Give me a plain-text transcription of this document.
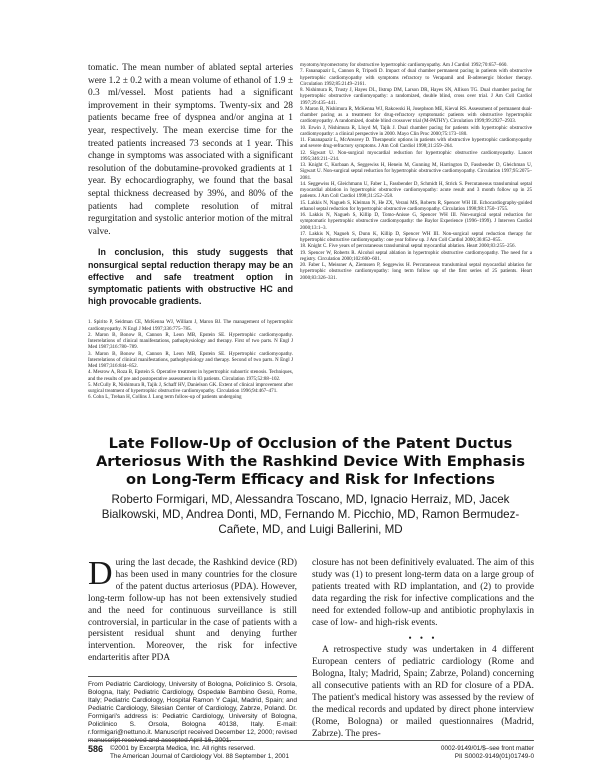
tomatic. The mean number of ablated septal arteries were 1.2 ± 0.2 with a mean volume of ethanol of 1.9 ± 0.3 ml/vessel. Most patients had a significant improvement in their symptoms. Twenty-six and 28 patients became free of dyspnea and/or angina at 1 year, respectively. The mean exercise time for the treated patients increased 73 seconds at 1 year. This change in symptoms was associated with a significant resolution of the dobutamine-provoked gradients at 1 year. By echocardiography, we found that the basal septal thickness decreased by 39%, and 80% of the patients had complete resolution of mitral regurgitation and systolic anterior motion of the mitral valve.

In conclusion, this study suggests that nonsurgical septal reduction therapy may be an effective and safe treatment option in symptomatic patients with obstructive HC and high provocable gradients.

1. Spirito P, Seidman CE, McKenna WJ, William J, Maron BJ. The management of hypertrophic cardiomyopathy. N Engl J Med 1997;336:775–785.
2. Maron B, Bonow R, Cannon R, Leon MB, Epstein SE. Hypertrophic cardiomyopathy. Interrelations of clinical manifestations, pathophysiology and therapy. First of two parts. N Engl J Med 1987;316:780–789.
3. Maron B, Bonow R, Cannon R, Leon MB, Epstein SE. Hypertrophic cardiomyopathy. Interrelations of clinical manifestations, pathophysiology and therapy. Second of two parts. N Engl J Med 1987;316:844–852.
4. Mesrow A, Roza B, Epstein S. Operative treatment in hypertrophic subaortic stenosis. Techniques, and the results of pre and postoperative assessment in 83 patients. Circulation 1975;52:88–102.
5. McCully R, Nishimura R, Tajik J, Schaff HV, Danielson GK. Extent of clinical improvement after surgical treatment of hypertrophic obstructive cardiomyopathy. Circulation 1996;94:467–471.
6. Cohn L, Trehan H, Collins J. Long term follow-up of patients undergoing
myotomy/myomectomy for obstructive hypertrophic cardiomyopathy. Am J Cardiol 1992;70:657–660.
7. Fananapazir L, Cannon R, Tripodi D. Impact of dual chamber permanent pacing in patients with obstructive hypertrophic cardiomyopathy with symptoms refractory to Verapamil and B-adrenergic blocker therapy. Circulation 1992;85:2149–2161.
8. Nishimura R, Trusty J, Hayes DL, Ilstrup DM, Larson DR, Hayes SN, Allison TG. Dual chamber pacing for hypertrophic obstructive cardiomyopathy: a randomized, double blind, cross over trial. J Am Coll Cardiol 1997;29:435–441.
9. Maron B, Nishimura R, McKenna WJ, Rakowski H, Josephson ME, Kieval RS. Assessment of permanent dual-chamber pacing as a treatment for drug-refractory symptomatic patients with obstructive hypertrophic cardiomyopathy. A randomized, double blind crossover trial (M-PATHY). Circulation 1999;99:2927–2933.
10. Erwin J, Nishimura R, Lloyd M, Tajik J. Dual chamber pacing for patients with hypertrophic obstructive cardiomyopathy: a clinical perspective in 2000. Mayo Clin Proc 2000;75:173–180.
11. Fananapazir L, McAreavey D. Therapeutic options in patients with obstructive hypertrophic cardiomyopathy and severe drug-refractory symptoms. J Am Coll Cardiol 1998;31:259–264.
12. Sigwart U. Non-surgical myocardial reduction for hypertrophic obstructive cardiomyopathy. Lancet 1995;346:211–214.
13. Knight C, Kurbaan A, Seggewiss H, Henein M, Gunning M, Harrington D, Fassbender D, Gleichman U, Sigwart U. Non-surgical septal reduction for hypertrophic obstructive cardiomyopathy. Circulation 1997;95:2075–2081.
14. Seggewiss H, Gleichmann U, Faber L, Fassbender D, Schmidt H, Strick S. Percutaneous transluminal septal myocardial ablation in hypertrophic obstructive cardiomyopathy: acute result and 3 month follow up in 25 patients. J Am Coll Cardiol 1998;31:252–258.
15. Lakkis N, Nagueh S, Kleiman N, He ZX, Verani MS, Roberts R, Spencer WH III. Echocardiography-guided ethanol septal reduction for hypertrophic obstructive cardiomyopathy. Circulation 1998;98:1750–1755.
16. Lakkis N, Nagueh S, Killip D, Tomo-Anisse G, Spencer WH III. Non-surgical septal reduction for symptomatic hypertrophic obstructive cardiomyopathy: the Baylor Experience (1996–1999). J Interven Cardiol 2000;13:1–3.
17. Lakkis N, Nagueh S, Dunn K, Killip D, Spencer WH III. Non-surgical septal reduction therapy for hypertrophic obstructive cardiomyopathy: one year follow up. J Am Coll Cardiol 2000;36:852–855.
18. Knight C. Five years of percutaneous transluminal septal myocardial ablation. Heart 2000;83:255–256.
19. Spencer W, Roberts R. Alcohol septal ablation in hypertrophic obstructive cardiomyopathy. The need for a registry. Circulation 2000;102:600–601.
20. Faber L, Meissner A, Ziemssen P, Seggewiss H. Percutaneous transluminal septal myocardial ablation for hypertrophic obstructive cardiomyopathy: long term follow up of the first series of 25 patients. Heart 2000;83:326–331.
Late Follow-Up of Occlusion of the Patent Ductus Arteriosus With the Rashkind Device With Emphasis on Long-Term Efficacy and Risk for Infections

Roberto Formigari, MD, Alessandra Toscano, MD, Ignacio Herraiz, MD, Jacek Bialkowski, MD, Andrea Donti, MD, Fernando M. Picchio, MD, Ramon Bermudez-Cañete, MD, and Luigi Ballerini, MD

During the last decade, the Rashkind device (RD) has been used in many countries for the closure of the patent ductus arteriosus (PDA). However, long-term follow-up has not been extensively studied and the need for continuous surveillance is still controversial, in particular in the case of patients with a persistent residual shunt and denying further intervention. Moreover, the risk for infective endarteritis after PDA

From Pediatric Cardiology, University of Bologna, Policlinico S. Orsola, Bologna, Italy; Pediatric Cardiology, Ospedale Bambino Gesù, Rome, Italy; Pediatric Cardiology, Hospital Ramon Y Cajal, Madrid, Spain; and Pediatric Cardiology, Silesian Center of Cardiology, Zabrze, Poland. Dr. Formigari's address is: Pediatric Cardiology, University of Bologna, Policlinico S. Orsola, Bologna 40138, Italy. E-mail: r.formigari@nettuno.it. Manuscript received December 12, 2000; revised manuscript received and accepted April 16, 2001.

closure has not been definitively evaluated. The aim of this study was (1) to present long-term data on a large group of patients treated with RD implantation, and (2) to provide data regarding the risk for infective complications and the need for extended follow-up and antibiotic prophylaxis in case of low- and high-risk events.

• • •

A retrospective study was undertaken in 4 different European centers of pediatric cardiology (Rome and Bologna, Italy; Madrid, Spain; Zabrze, Poland) concerning all consecutive patients with an RD for closure of a PDA. The patient's medical history was assessed by the review of the medical records and updated by direct phone interview (Rome, Bologna) or mailed questionnaires (Madrid, Zabrze). The pres-

586 ©2001 by Excerpta Medica, Inc. All rights reserved.
The American Journal of Cardiology Vol. 88 September 1, 2001
0002-9149/01/$–see front matter
PII S0002-9149(01)01749-0
